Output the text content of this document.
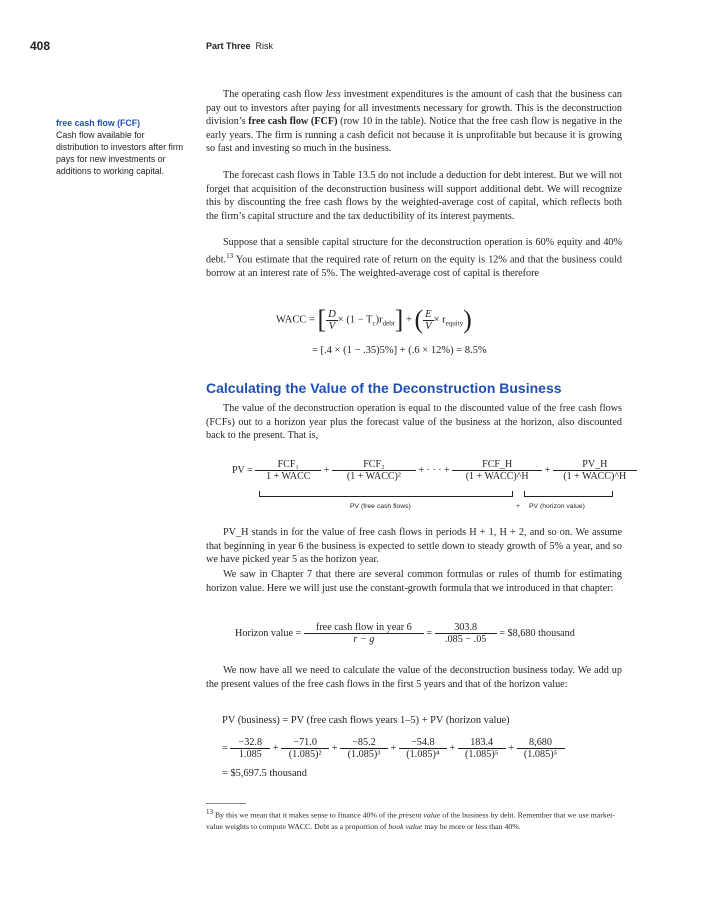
408	Part Three Risk
free cash flow (FCF)
Cash flow available for distribution to investors after firm pays for new investments or additions to working capital.
The operating cash flow less investment expenditures is the amount of cash that the business can pay out to investors after paying for all investments necessary for growth. This is the deconstruction division’s free cash flow (FCF) (row 10 in the table). Notice that the free cash flow is negative in the early years. The firm is running a cash deficit not because it is unprofitable but because it is growing so fast and investing so much in the business.
The forecast cash flows in Table 13.5 do not include a deduction for debt interest. But we will not forget that acquisition of the deconstruction business will support additional debt. We will recognize this by discounting the free cash flows by the weighted-average cost of capital, which reflects both the firm’s capital structure and the tax deductibility of its interest payments.
Suppose that a sensible capital structure for the deconstruction operation is 60% equity and 40% debt.$^{13}$ You estimate that the required rate of return on the equity is 12% and that the business could borrow at an interest rate of 5%. The weighted-average cost of capital is therefore
WACC = [ $\frac{D}{V} \times (1 - T_c)r_{debt}$] + ( $\frac{E}{V} \times r_{equity}$)
= [.4 × (1 − .35)5%] + (.6 × 12%) = 8.5%
Calculating the Value of the Deconstruction Business
The value of the deconstruction operation is equal to the discounted value of the free cash flows (FCFs) out to a horizon year plus the forecast value of the business at the horizon, also discounted back to the present. That is,
PV = $\frac{\text{FCF₁}}{\text{1 + WACC}} + \frac{\text{FCF₂}}{\text{(1 + WACC)²}}$ + · · · + $\frac{\text{FCF\_H}}{\text{(1 + WACC)\textasciicircum{}H}} + \frac{PV\_H}{\text{(1 + WACC)\textasciicircum{}H}}$
PV (free cash flows)	+ PV (horizon value)
PV_H stands in for the value of free cash flows in periods H + 1, H + 2, and so on. We assume that beginning in year 6 the business is expected to settle down to steady growth of 5% a year, and so we have picked year 5 as the horizon year.
We saw in Chapter 7 that there are several common formulas or rules of thumb for estimating horizon value. Here we will just use the constant-growth formula that we introduced in that chapter:
Horizon value = $\frac{\text{free cash flow in year 6}}{r - g} = \frac{303.8}{.085 - .05}$ = $8,680 thousand
We now have all we need to calculate the value of the deconstruction business today. We add up the present values of the free cash flows in the first 5 years and that of the horizon value:
PV (business) = PV (free cash flows years 1–5) + PV (horizon value)
= $\frac{-32.8}{1.085} + \frac{-71.0}{\text{(1.085)²}} + \frac{-85.2}{\text{(1.085)³}} + \frac{-54.8}{\text{(1.085)⁴}} + \frac{183.4}{\text{(1.085)⁵}} + \frac{8,680}{\text{(1.085)⁵}}$
= $5,697.5 thousand
$^{13}$ By this we mean that it makes sense to finance 40% of the present value of the business by debt. Remember that we use market-value weights to compute WACC. Debt as a proportion of book value may be more or less than 40%.
